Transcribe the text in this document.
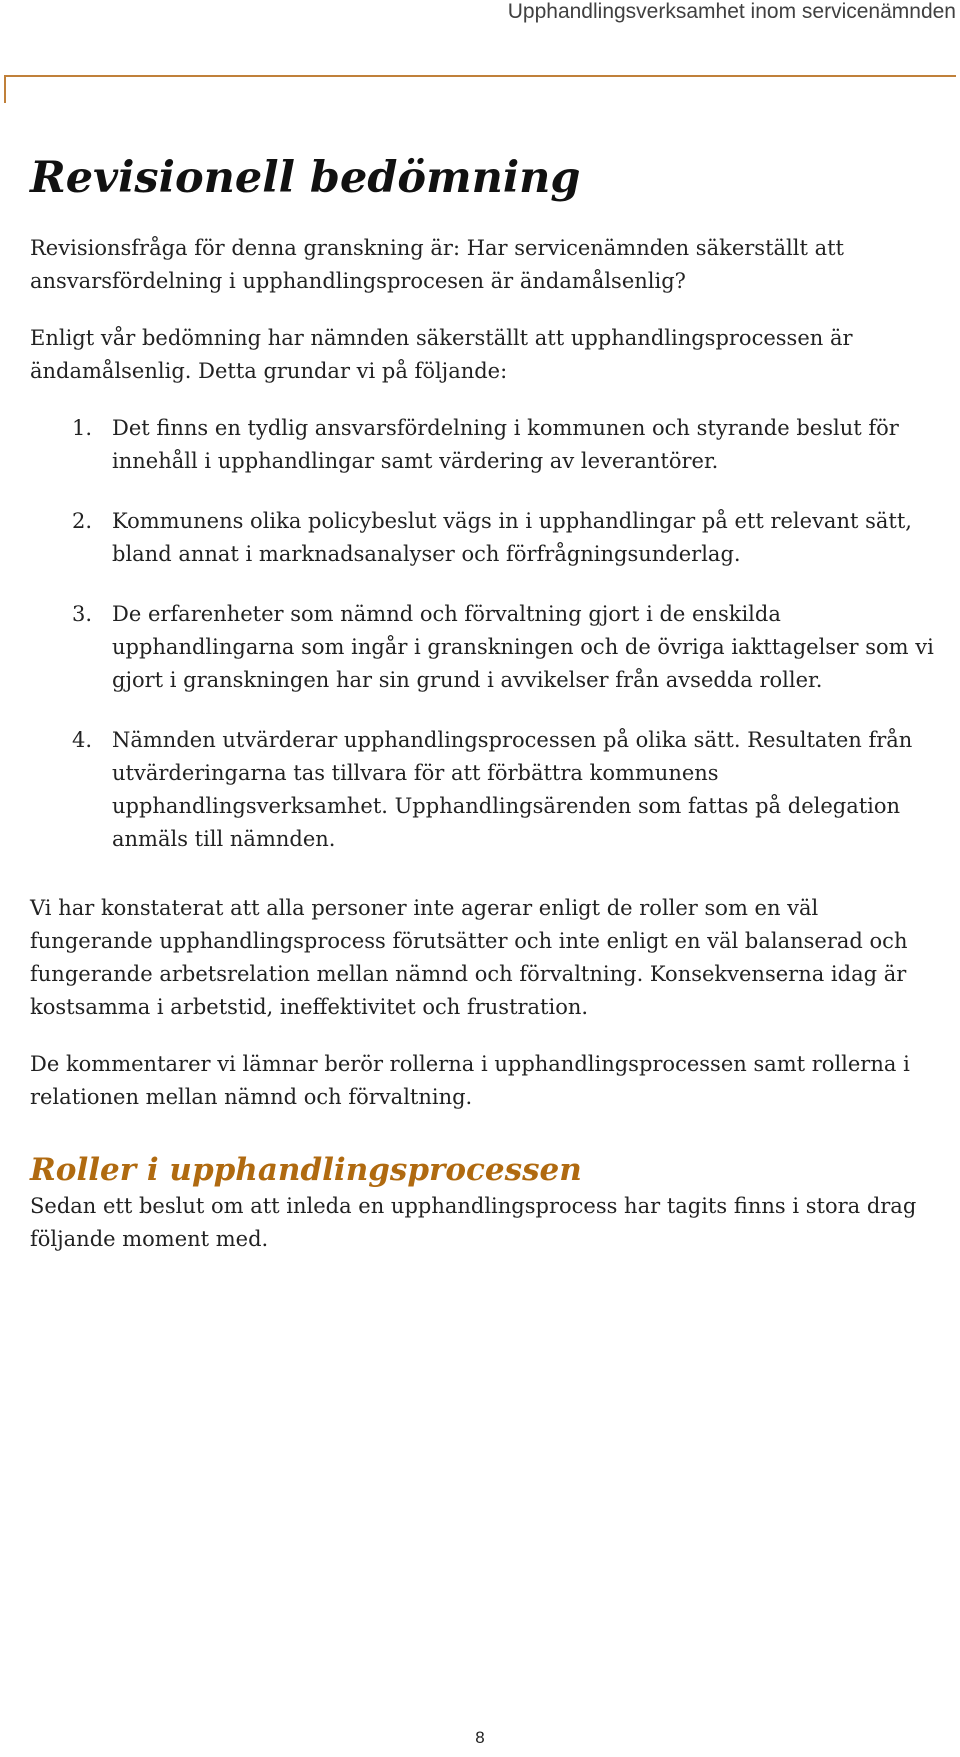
Upphandlingsverksamhet inom servicenämnden
Revisionell bedömning

Revisionsfråga för denna granskning är: Har servicenämnden säkerställt att ansvarsfördelning i upphandlingsprocesen är ändamålsenlig?

Enligt vår bedömning har nämnden säkerställt att upphandlingsprocessen är ändamålsenlig. Detta grundar vi på följande:

1. Det finns en tydlig ansvarsfördelning i kommunen och styrande beslut för innehåll i upphandlingar samt värdering av leverantörer.
2. Kommunens olika policybeslut vägs in i upphandlingar på ett relevant sätt, bland annat i marknadsanalyser och förfrågningsunderlag.
3. De erfarenheter som nämnd och förvaltning gjort i de enskilda upphandlingarna som ingår i granskningen och de övriga iakttagelser som vi gjort i granskningen har sin grund i avvikelser från avsedda roller.
4. Nämnden utvärderar upphandlingsprocessen på olika sätt. Resultaten från utvärderingarna tas tillvara för att förbättra kommunens upphandlingsverksamhet. Upphandlingsärenden som fattas på delegation anmäls till nämnden.

Vi har konstaterat att alla personer inte agerar enligt de roller som en väl fungerande upphandlingsprocess förutsätter och inte enligt en väl balanserad och fungerande arbetsrelation mellan nämnd och förvaltning. Konsekvenserna idag är kostsamma i arbetstid, ineffektivitet och frustration.

De kommentarer vi lämnar berör rollerna i upphandlingsprocessen samt rollerna i relationen mellan nämnd och förvaltning.

Roller i upphandlingsprocessen

Sedan ett beslut om att inleda en upphandlingsprocess har tagits finns i stora drag följande moment med.

8
